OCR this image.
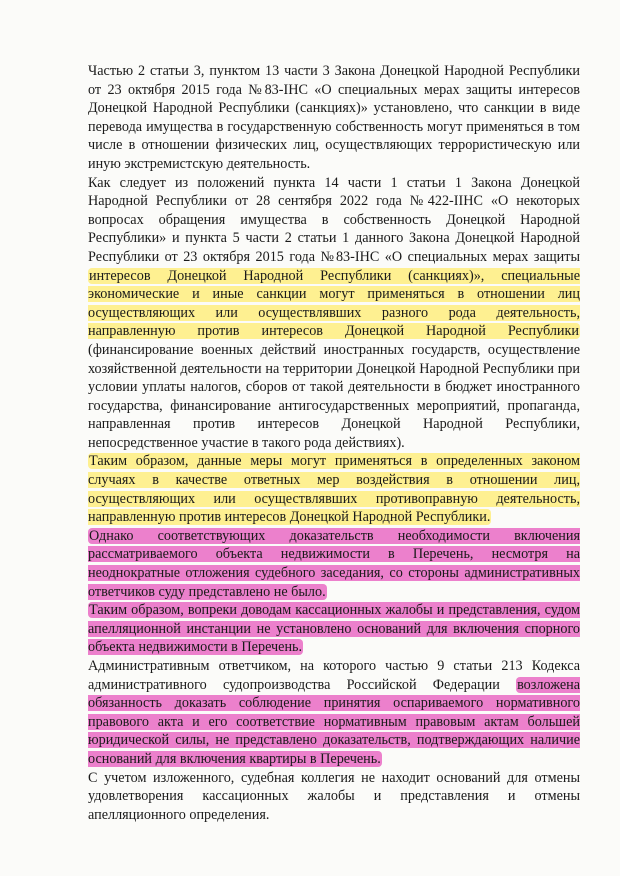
Частью 2 статьи 3, пунктом 13 части 3 Закона Донецкой Народной Республики от 23 октября 2015 года №83-IНС «О специальных мерах защиты интересов Донецкой Народной Республики (санкциях)» установлено, что санкции в виде перевода имущества в государственную собственность могут применяться в том числе в отношении физических лиц, осуществляющих террористическую или иную экстремистскую деятельность.

Как следует из положений пункта 14 части 1 статьи 1 Закона Донецкой Народной Республики от 28 сентября 2022 года №422-IIНС «О некоторых вопросах обращения имущества в собственность Донецкой Народной Республики» и пункта 5 части 2 статьи 1 данного Закона Донецкой Народной Республики от 23 октября 2015 года №83-IНС «О специальных мерах защиты интересов Донецкой Народной Республики (санкциях)», специальные экономические и иные санкции могут применяться в отношении лиц осуществляющих или осуществлявших разного рода деятельность, направленную против интересов Донецкой Народной Республики (финансирование военных действий иностранных государств, осуществление хозяйственной деятельности на территории Донецкой Народной Республики при условии уплаты налогов, сборов от такой деятельности в бюджет иностранного государства, финансирование антигосударственных мероприятий, пропаганда, направленная против интересов Донецкой Народной Республики, непосредственное участие в такого рода действиях).

Таким образом, данные меры могут применяться в определенных законом случаях в качестве ответных мер воздействия в отношении лиц, осуществляющих или осуществлявших противоправную деятельность, направленную против интересов Донецкой Народной Республики.

Однако соответствующих доказательств необходимости включения рассматриваемого объекта недвижимости в Перечень, несмотря на неоднократные отложения судебного заседания, со стороны административных ответчиков суду представлено не было.

Таким образом, вопреки доводам кассационных жалобы и представления, судом апелляционной инстанции не установлено оснований для включения спорного объекта недвижимости в Перечень.

Административным ответчиком, на которого частью 9 статьи 213 Кодекса административного судопроизводства Российской Федерации возложена обязанность доказать соблюдение принятия оспариваемого нормативного правового акта и его соответствие нормативным правовым актам большей юридической силы, не представлено доказательств, подтверждающих наличие оснований для включения квартиры в Перечень.

С учетом изложенного, судебная коллегия не находит оснований для отмены удовлетворения кассационных жалобы и представления и отмены апелляционного определения.
